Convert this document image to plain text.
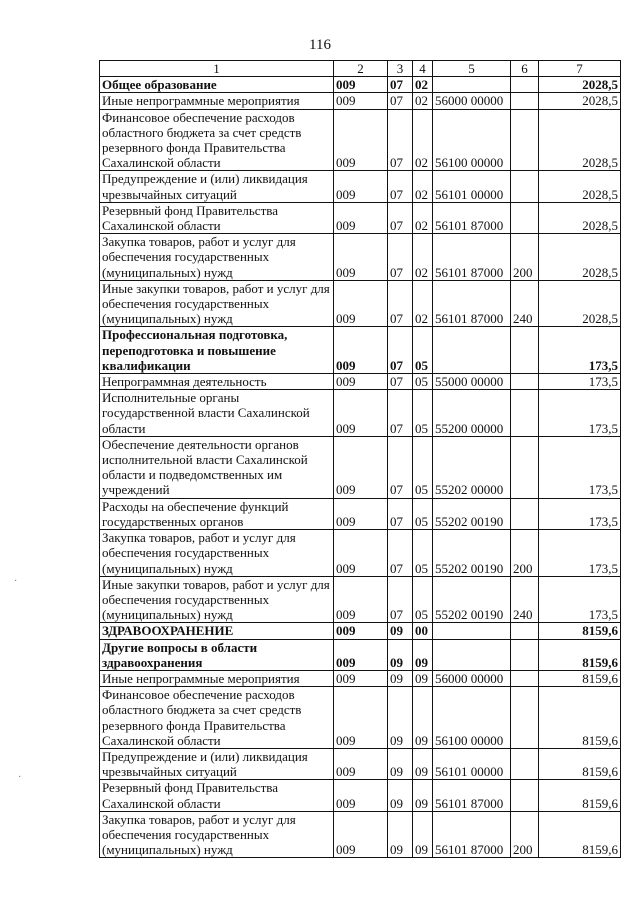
116
1	2	3	4	5	6	7
Общее образование	009	07	02			2028,5
Иные непрограммные мероприятия	009	07	02	56000 00000		2028,5
Финансовое обеспечение расходов областного бюджета за счет средств резервного фонда Правительства Сахалинской области	009	07	02	56100 00000		2028,5
Предупреждение и (или) ликвидация чрезвычайных ситуаций	009	07	02	56101 00000		2028,5
Резервный фонд Правительства Сахалинской области	009	07	02	56101 87000		2028,5
Закупка товаров, работ и услуг для обеспечения государственных (муниципальных) нужд	009	07	02	56101 87000	200	2028,5
Иные закупки товаров, работ и услуг для обеспечения государственных (муниципальных) нужд	009	07	02	56101 87000	240	2028,5
Профессиональная подготовка, переподготовка и повышение квалификации	009	07	05			173,5
Непрограммная деятельность	009	07	05	55000 00000		173,5
Исполнительные органы государственной власти Сахалинской области	009	07	05	55200 00000		173,5
Обеспечение деятельности органов исполнительной власти Сахалинской области и подведомственных им учреждений	009	07	05	55202 00000		173,5
Расходы на обеспечение функций государственных органов	009	07	05	55202 00190		173,5
Закупка товаров, работ и услуг для обеспечения государственных (муниципальных) нужд	009	07	05	55202 00190	200	173,5
Иные закупки товаров, работ и услуг для обеспечения государственных (муниципальных) нужд	009	07	05	55202 00190	240	173,5
ЗДРАВООХРАНЕНИЕ	009	09	00			8159,6
Другие вопросы в области здравоохранения	009	09	09			8159,6
Иные непрограммные мероприятия	009	09	09	56000 00000		8159,6
Финансовое обеспечение расходов областного бюджета за счет средств резервного фонда Правительства Сахалинской области	009	09	09	56100 00000		8159,6
Предупреждение и (или) ликвидация чрезвычайных ситуаций	009	09	09	56101 00000		8159,6
Резервный фонд Правительства Сахалинской области	009	09	09	56101 87000		8159,6
Закупка товаров, работ и услуг для обеспечения государственных (муниципальных) нужд	009	09	09	56101 87000	200	8159,6
·
·
